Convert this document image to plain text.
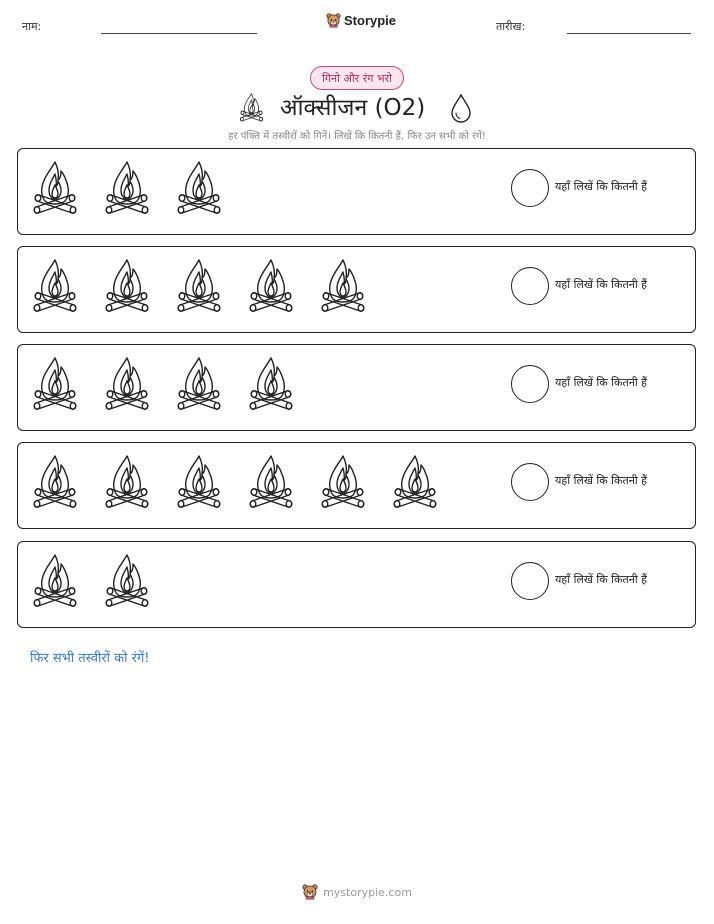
नाम:	Storypie	तारीख:
गिनो और रंग भरो
ऑक्सीजन (O2)
हर पंक्ति में तस्वीरों को गिनें। लिखें कि कितनी हैं, फिर उन सभी को रंगें!
यहाँ लिखें कि कितनी हैं
यहाँ लिखें कि कितनी हैं
यहाँ लिखें कि कितनी हैं
यहाँ लिखें कि कितनी हैं
यहाँ लिखें कि कितनी हैं
फिर सभी तस्वीरों को रंगें!
mystorypie.com
